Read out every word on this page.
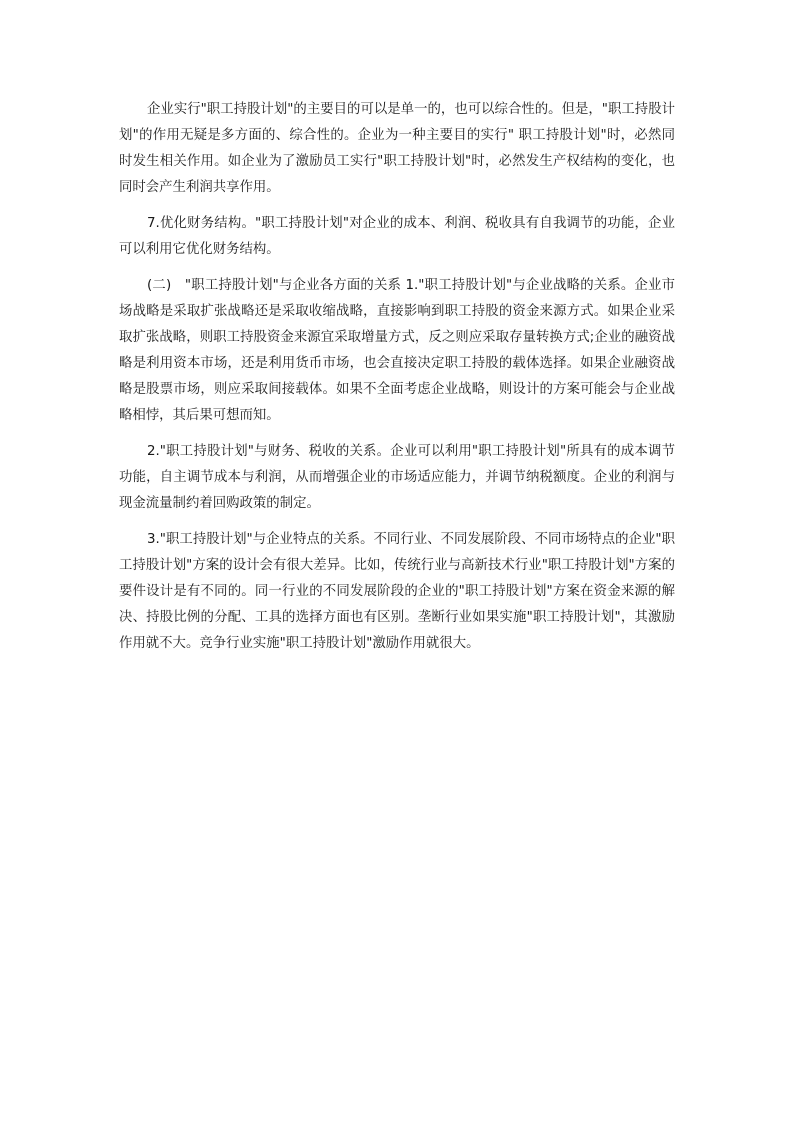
企业实行"职工持股计划"的主要目的可以是单一的，也可以综合性的。但是，"职工持股计划"的作用无疑是多方面的、综合性的。企业为一种主要目的实行" 职工持股计划"时，必然同时发生相关作用。如企业为了激励员工实行"职工持股计划"时，必然发生产权结构的变化，也同时会产生利润共享作用。

7.优化财务结构。"职工持股计划"对企业的成本、利润、税收具有自我调节的功能，企业可以利用它优化财务结构。

(二)　"职工持股计划"与企业各方面的关系 1."职工持股计划"与企业战略的关系。企业市场战略是采取扩张战略还是采取收缩战略，直接影响到职工持股的资金来源方式。如果企业采取扩张战略，则职工持股资金来源宜采取增量方式，反之则应采取存量转换方式;企业的融资战略是利用资本市场，还是利用货币市场，也会直接决定职工持股的载体选择。如果企业融资战略是股票市场，则应采取间接载体。如果不全面考虑企业战略，则设计的方案可能会与企业战略相悖，其后果可想而知。

2."职工持股计划"与财务、税收的关系。企业可以利用"职工持股计划"所具有的成本调节功能，自主调节成本与利润，从而增强企业的市场适应能力，并调节纳税额度。企业的利润与现金流量制约着回购政策的制定。

3."职工持股计划"与企业特点的关系。不同行业、不同发展阶段、不同市场特点的企业"职工持股计划"方案的设计会有很大差异。比如，传统行业与高新技术行业"职工持股计划"方案的要件设计是有不同的。同一行业的不同发展阶段的企业的"职工持股计划"方案在资金来源的解决、持股比例的分配、工具的选择方面也有区别。垄断行业如果实施"职工持股计划"，其激励作用就不大。竞争行业实施"职工持股计划"激励作用就很大。
